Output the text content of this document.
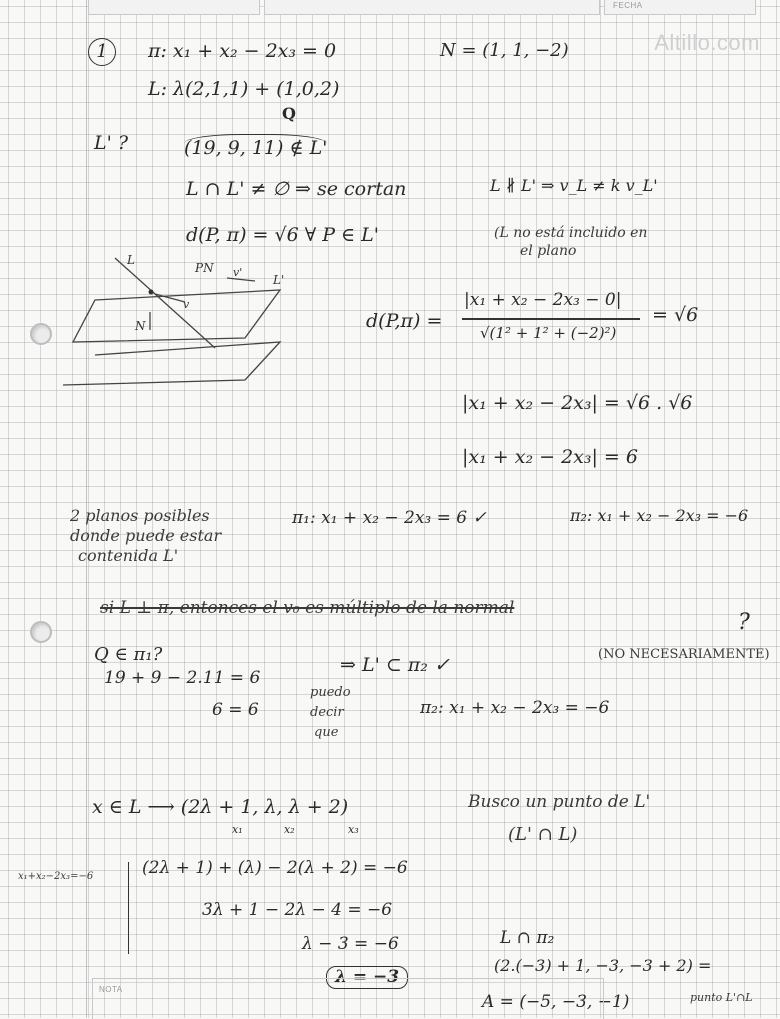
FECHA
Altillo.com
1	π: x₁ + x₂ − 2x₃ = 0	N = (1, 1, −2)
L: λ(2,1,1) + (1,0,2)
Q
L' ?	(19, 9, 11) ∉ L'
L ∩ L' ≠ ∅ ⇒ se cortan	L ∦ L' ⇒ v_L ≠ k v_L'
d(P, π) = √6 ∀ P ∈ L'	(L no está incluido en
el plano
L
PN v'
L'
v
N	d(P,π) =
|x₁ + x₂ − 2x₃ − 0|
√(1² + 1² + (−2)²)
= √6
|x₁ + x₂ − 2x₃| = √6 . √6
|x₁ + x₂ − 2x₃| = 6
2 planos posibles
donde puede estar
contenida L'
π₁: x₁ + x₂ − 2x₃ = 6 ✓	π₂: x₁ + x₂ − 2x₃ = −6
si L ⊥ π, entonces el v₀ es múltiplo de la normal
?
Q ∈ π₁?
19 + 9 − 2.11 = 6
6 = 6
puedo
decir
que
⇒ L' ⊂ π₂ ✓	(NO NECESARIAMENTE)
π₂: x₁ + x₂ − 2x₃ = −6
x ∈ L ⟶ (2λ + 1, λ, λ + 2)
x₁	x₂	x₃
Busco un punto de L'
(L' ∩ L)
x₁+x₂−2x₃=−6	(2λ + 1) + (λ) − 2(λ + 2) = −6
3λ + 1 − 2λ − 4 = −6
λ − 3 = −6
λ = −3
L ∩ π₂
(2.(−3) + 1, −3, −3 + 2) =
A = (−5, −3, −1)	punto L'∩L
NOTA
